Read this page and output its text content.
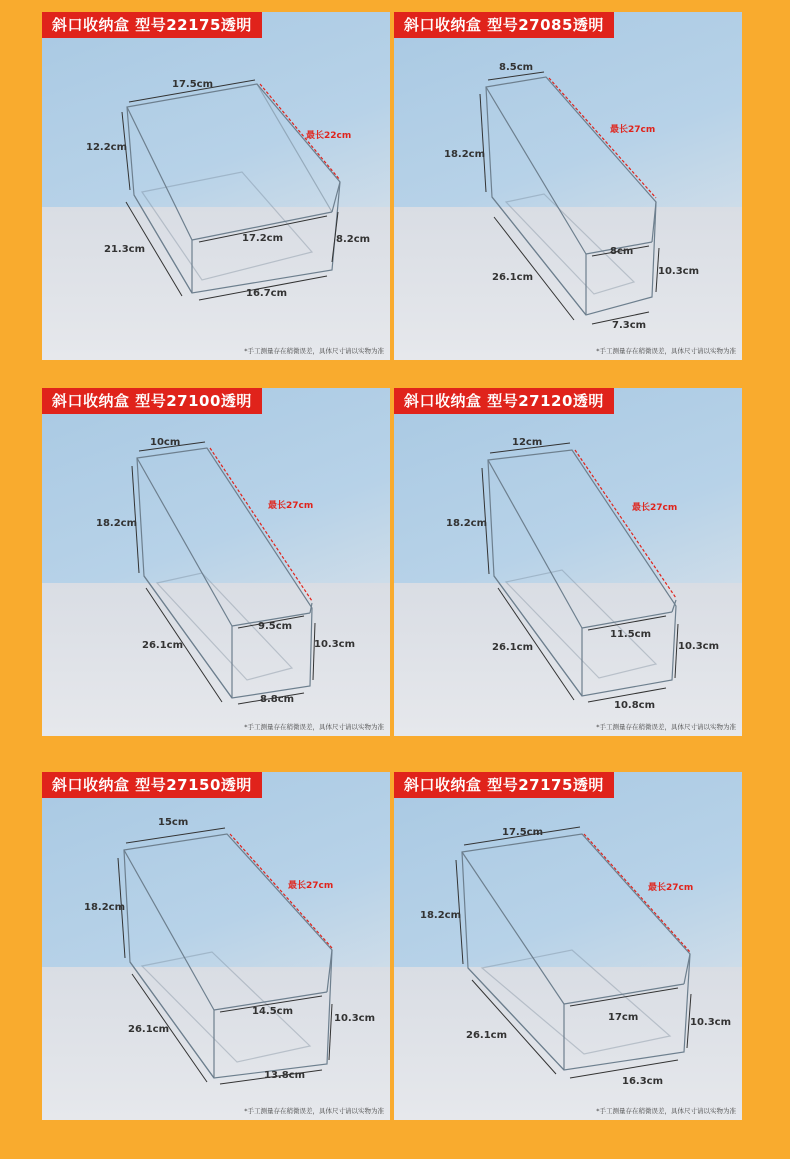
斜口收纳盒 型号22175透明
17.5cm
12.2cm
最长22cm
21.3cm
17.2cm	8.2cm
16.7cm
*手工测量存在稍微误差，具体尺寸请以实物为准
斜口收纳盒 型号27085透明
8.5cm
18.2cm
最长27cm
26.1cm
8cm
10.3cm
7.3cm
*手工测量存在稍微误差，具体尺寸请以实物为准
斜口收纳盒 型号27100透明
10cm
18.2cm
最长27cm
26.1cm
9.5cm
10.3cm
8.8cm
*手工测量存在稍微误差，具体尺寸请以实物为准
斜口收纳盒 型号27120透明
12cm
18.2cm
最长27cm
26.1cm
11.5cm
10.3cm
10.8cm
*手工测量存在稍微误差，具体尺寸请以实物为准
斜口收纳盒 型号27150透明
15cm
18.2cm
最长27cm
26.1cm
14.5cm
10.3cm
13.8cm
*手工测量存在稍微误差，具体尺寸请以实物为准
斜口收纳盒 型号27175透明
17.5cm
18.2cm
最长27cm
26.1cm
17cm	10.3cm
16.3cm
*手工测量存在稍微误差，具体尺寸请以实物为准
